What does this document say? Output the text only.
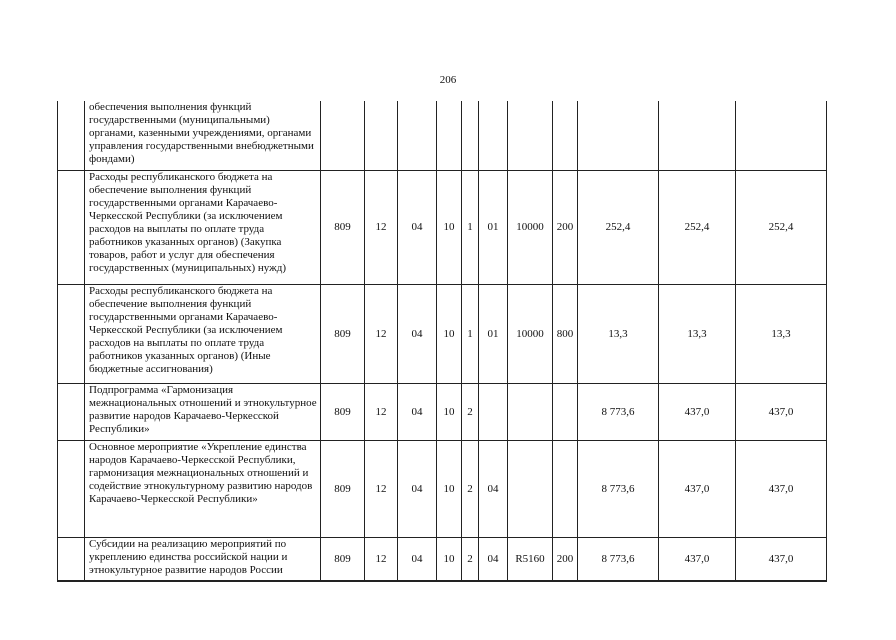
206
	обеспечения выполнения функций государственными (муниципальными) органами, казенными учреждениями, органами управления государственными внебюджетными фондами)											
	Расходы республиканского бюджета на обеспечение выполнения функций государственными органами Карачаево-Черкесской Республики (за исключением расходов на выплаты по оплате труда работников указанных органов) (Закупка товаров, работ и услуг для обеспечения государственных (муниципальных) нужд)	809	12	04	10	1	01	10000	200	252,4	252,4	252,4
	Расходы республиканского бюджета на обеспечение выполнения функций государственными органами Карачаево-Черкесской Республики (за исключением расходов на выплаты по оплате труда работников указанных органов) (Иные бюджетные ассигнования)	809	12	04	10	1	01	10000	800	13,3	13,3	13,3
	Подпрограмма «Гармонизация межнациональных отношений и этнокультурное развитие народов Карачаево-Черкесской Республики»	809	12	04	10	2				8 773,6	437,0	437,0
	Основное мероприятие «Укрепление единства народов Карачаево-Черкесской Республики, гармонизация межнациональных отношений и содействие этнокультурному развитию народов Карачаево-Черкесской Республики»	809	12	04	10	2	04			8 773,6	437,0	437,0
	Субсидии на реализацию мероприятий по укреплению единства российской нации и этнокультурное развитие народов России	809	12	04	10	2	04	R5160	200	8 773,6	437,0	437,0
